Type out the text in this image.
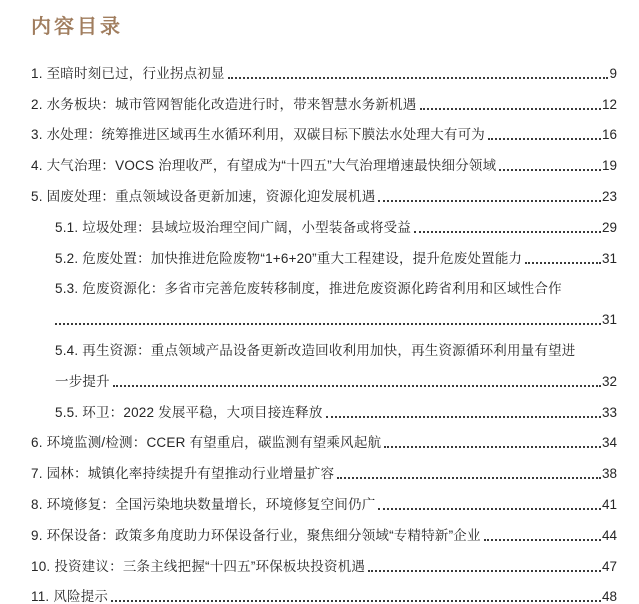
内容目录
1. 至暗时刻已过，行业拐点初显	9
2. 水务板块：城市管网智能化改造进行时，带来智慧水务新机遇	12
3. 水处理：统筹推进区域再生水循环利用，双碳目标下膜法水处理大有可为	16
4. 大气治理：VOCS 治理收严，有望成为“十四五”大气治理增速最快细分领域	19
5. 固废处理：重点领域设备更新加速，资源化迎发展机遇	23
5.1. 垃圾处理：县域垃圾治理空间广阔，小型装备或将受益	29
5.2. 危废处置：加快推进危险废物“1+6+20”重大工程建设，提升危废处置能力	31
5.3. 危废资源化：多省市完善危废转移制度，推进危废资源化跨省利用和区域性合作
31
5.4. 再生资源：重点领域产品设备更新改造回收利用加快，再生资源循环利用量有望进
一步提升	32
5.5. 环卫：2022 发展平稳，大项目接连释放	33
6. 环境监测/检测：CCER 有望重启，碳监测有望乘风起航	34
7. 园林：城镇化率持续提升有望推动行业增量扩容	38
8. 环境修复：全国污染地块数量增长，环境修复空间仍广	41
9. 环保设备：政策多角度助力环保设备行业，聚焦细分领域“专精特新”企业	44
10. 投资建议：三条主线把握“十四五”环保板块投资机遇	47
11. 风险提示	48
